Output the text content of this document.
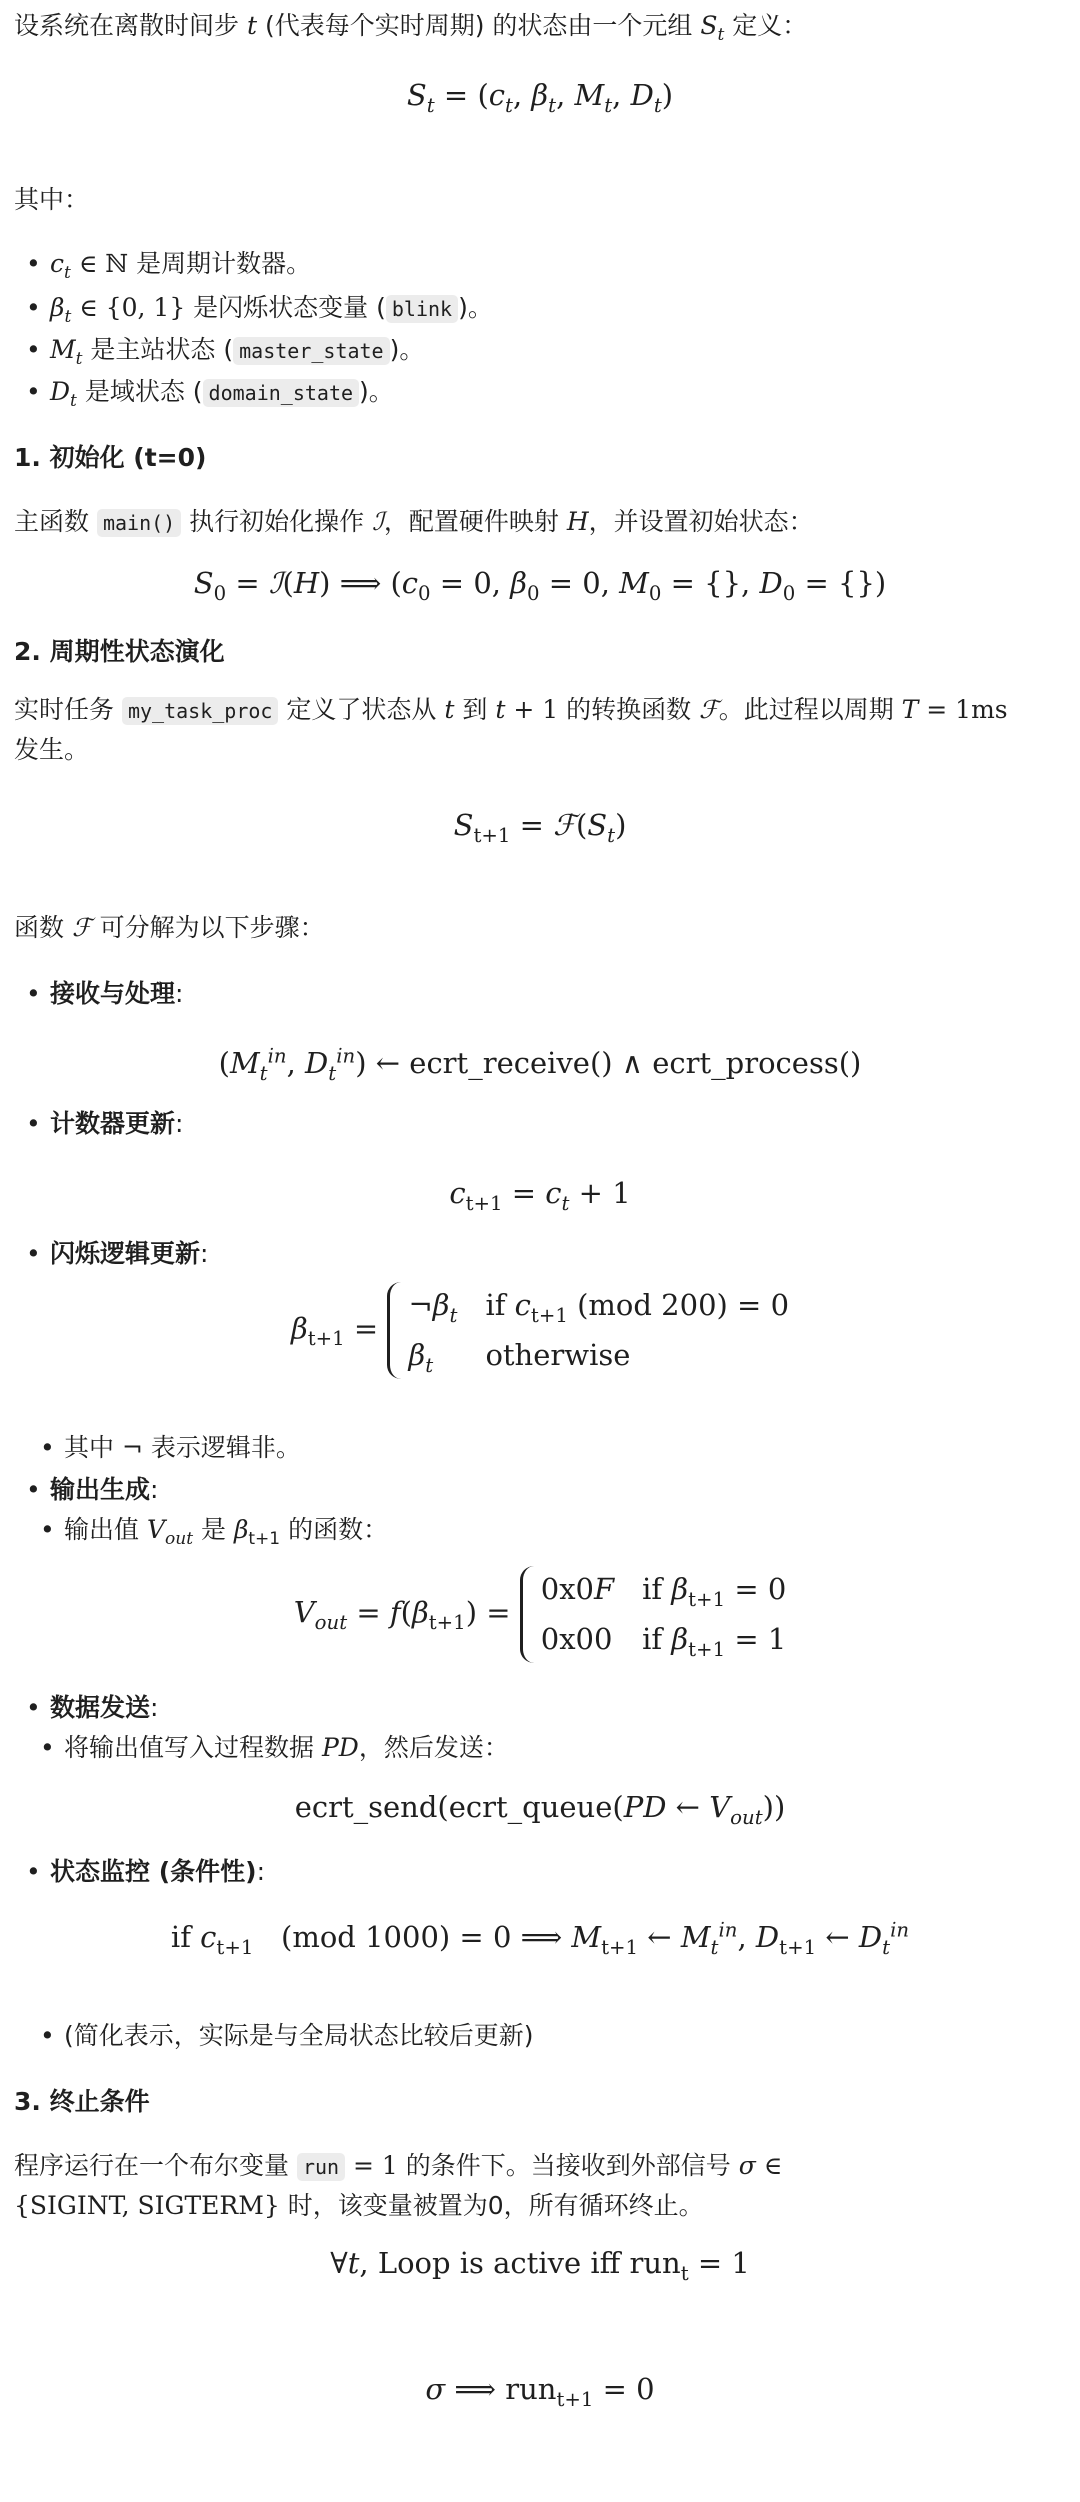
设系统在离散时间步 t (代表每个实时周期) 的状态由一个元组 $S_t$ 定义：

$S_t = (c_t$, $\beta_t$, $M_t$, $D_t$)

其中：

• $c_t$ ∈ ℕ 是周期计数器。

• $\beta_t$ ∈ {0, 1} 是闪烁状态变量 ( blink )。

• $M_t$ 是主站状态 ( master_state )。

• $D_t$ 是域状态 ( domain_state )。

1. 初始化 (t=0)

主函数 main() 执行初始化操作 ℐ，配置硬件映射 H，并设置初始状态：

$S_0$ = ℐ(H) ⟹ ($c_0 = 0$, $\beta_0 = 0$, $M_0$ = {}, $D_0$ = {})

2. 周期性状态演化

实时任务 my_task_proc 定义了状态从 t 到 t + 1 的转换函数 ℱ。此过程以周期 T = 1ms 发生。

$S_{t+1}$ = $ℱ(S_t)$

函数 ℱ 可分解为以下步骤：

• 接收与处理:

($M_t^{in}$, $D_t^{in}$) ← ecrt_receive() ∧ ecrt_process()

• 计数器更新:

$c_{t+1} = c_t + 1$

• 闪烁逻辑更新:

$\beta_{t+1}$ =
$\neg\beta_t$ if $c_{t+1}$ (mod 200) = 0
$\beta_t$	otherwise

• 其中 ¬ 表示逻辑非。

• 输出生成:

• 输出值 $V_{out}$ 是 $\beta_{t+1}$ 的函数：

$V_{out} = f(\beta_{t+1})$ =
0x0F if $\beta_{t+1} = 0$
0x00 if $\beta_{t+1} = 1$

• 数据发送:

• 将输出值写入过程数据 PD，然后发送：

ecrt_send(ecrt_queue(PD ← $V_{out}$))

• 状态监控 (条件性):

if $c_{t+1}$ (mod 1000) = 0 ⟹ $M_{t+1}$ ← $M_t^{in}$, $D_{t+1}$ ← $D_t^{in}$

• (简化表示，实际是与全局状态比较后更新)

3. 终止条件

程序运行在一个布尔变量 run = 1 的条件下。当接收到外部信号 σ ∈
{SIGINT, SIGTERM} 时，该变量被置为0，所有循环终止。

∀t, Loop is active iff run$_t$ = 1
σ ⟹ run$_{t+1}$ = 0
